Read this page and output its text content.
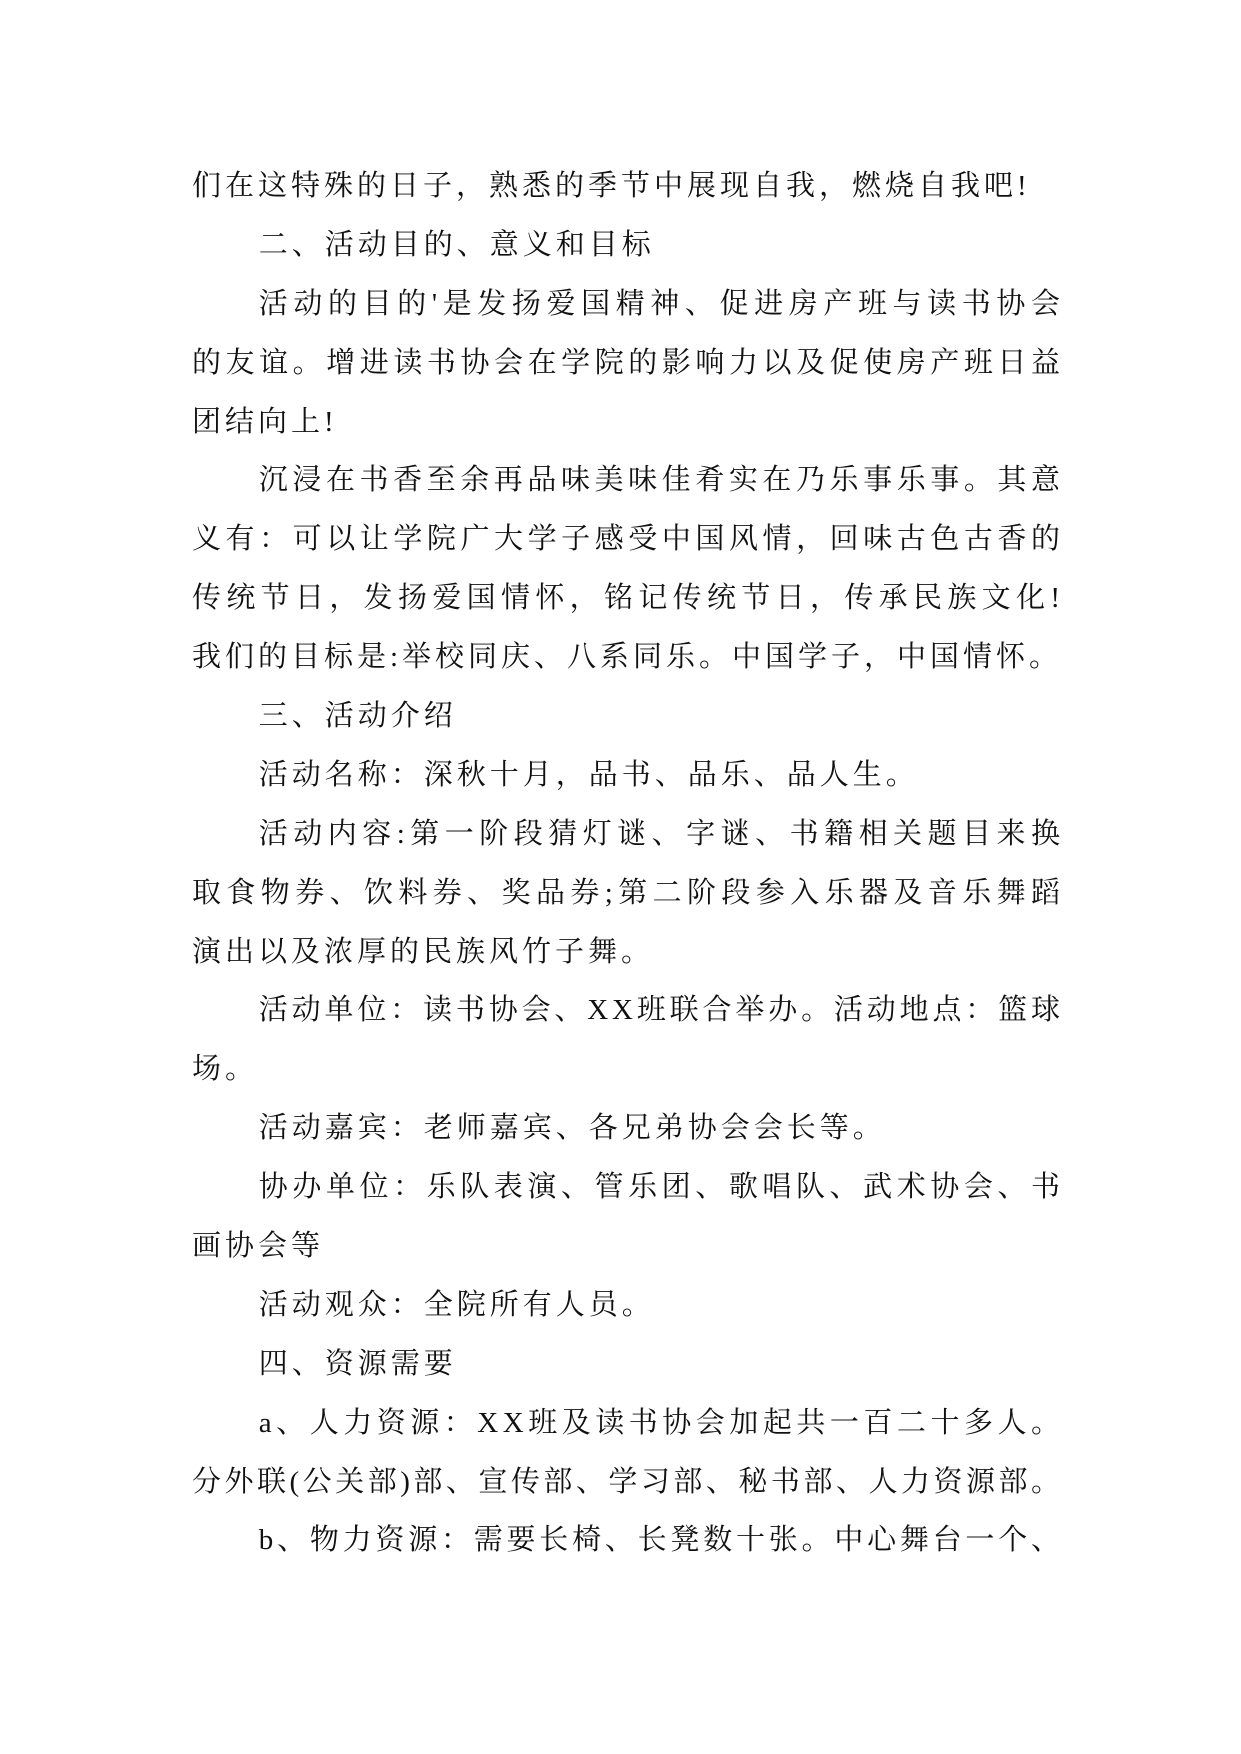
们在这特殊的日子，熟悉的季节中展现自我，燃烧自我吧!
二、活动目的、意义和目标
活动的目的'是发扬爱国精神、促进房产班与读书协会
的友谊。增进读书协会在学院的影响力以及促使房产班日益
团结向上!
沉浸在书香至余再品味美味佳肴实在乃乐事乐事。其意
义有：可以让学院广大学子感受中国风情，回味古色古香的
传统节日，发扬爱国情怀，铭记传统节日，传承民族文化!
我们的目标是:举校同庆、八系同乐。中国学子，中国情怀。
三、活动介绍
活动名称：深秋十月，品书、品乐、品人生。
活动内容:第一阶段猜灯谜、字谜、书籍相关题目来换
取食物券、饮料券、奖品券;第二阶段参入乐器及音乐舞蹈
演出以及浓厚的民族风竹子舞。
活动单位：读书协会、XX班联合举办。活动地点：篮球
场。
活动嘉宾：老师嘉宾、各兄弟协会会长等。
协办单位：乐队表演、管乐团、歌唱队、武术协会、书
画协会等
活动观众：全院所有人员。
四、资源需要
a、人力资源：XX班及读书协会加起共一百二十多人。
分外联(公关部)部、宣传部、学习部、秘书部、人力资源部。
b、物力资源：需要长椅、长凳数十张。中心舞台一个、
